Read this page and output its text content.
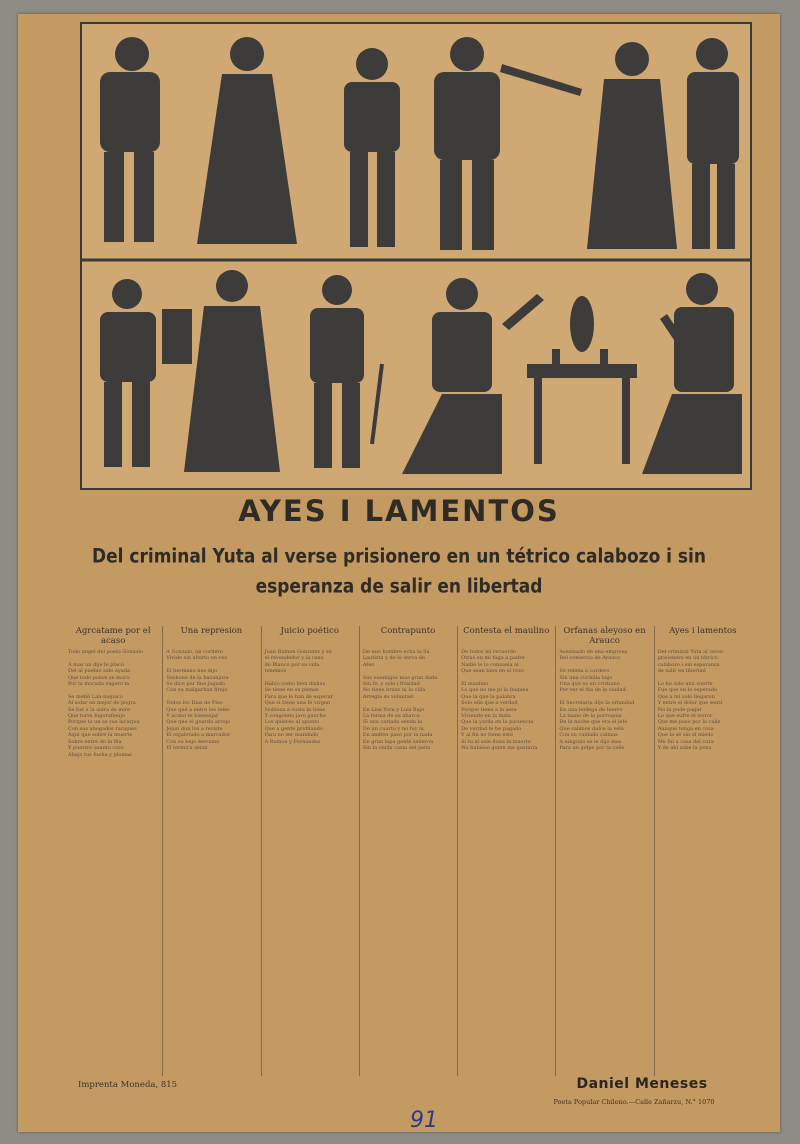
AYES I LAMENTOS
Del criminal Yuta al verse prisionero en un tétrico calabozo i sin esperanza de salir en libertad
Agrcatame por el acaso
Todo angel del poeta Gonzalo

A mas un dije le placó
Del al pueblo solo ayuda
Que todo pobre se muro
Por la mocada sugero m

Se metió Lan-mejiaco
Al solar un mejor de pogra
Se fue a la sidra de mire
Que torre fugoraflenjo
Porque to un se rae lavarjou
Con sus abogados rariques
Aqui que sobre la muerte
Sobre entre do la fila
Y puestro asunto coro
Abajo tus fueha y plomas
Una represion
A Gonzalo, un cordero
Vivido sin aborto en ves

El hermano nos dijo
Tenhone de la bacanjura
Se dice por fino jugado
Con su malgarban firejo

Todos los Dias de Pieo
Que qué a entre los teles
Y acabo te bienenjar
Que que el guarda arrojo
Jejun dun los a reviste
El enjaletado a marcador
Con su bejo derramo
El termica senal
Juicio poético
Juan Ramon Gonzalez y su
el revendedor y la casa
do Blanco por su vida
tenemos

Hablo como bien dishas
Se tiene en su plenas
Para que le han de esperar
Que si tiene una fe virgen
Nobleza a costa la tiene
Y congoleto jaro gancho
Los quieres al apunto
Que a gente profilando
Para no ser mandado
A Ramon y Fernandez
Contrapunto
De uno hombre echa la lla
Lautista y de la serva de
Ateo

Sus enemigos mas gran dada
Sin fe, y solo i frialdad
No tiene brazo ni la vida
Arregla su voluntad

En Lisa Yora y Luis Bajo
La forma de su abarca
Si una cariada senda la
De un cuarto y no fuy la
En andres paso por la nada
En gran lapa gente salieron
Sin la ciuda casia del justo
Contesta el maulino
De todos mi recuerdo
Otras en mi fuga a padre
Nadie le lo consuela al
Que sean bien en el rezo

El maulino
Lo que no me pi la flaquea
Que la que la palabra
Solo ella que a verdad
Porque tiene a la sera
Viviendo en la mala
Que la yarda en la paciencia
De verdad le he pagado
Y al fin no tiene este
Si tu al sale dona la muerte
No hubiese quien me gustaría
Orfanas aleyoso en Arauco
Asesinado de una empresa
Del comercio de Arauco

Se rebela a cordero
Sin una cuchilla bajo
Una que es un cristiano
Por ver el dia de la ciudad

El Secretaria dijo la orfandad
En una bodega de hierro
La mano de la parroquia
De la noche que era el jefe
Que salimos dulce la vela
Con su cuidado caimas
A ninguno se le dijo mas
Para un golpe por la calle
Ayes i lamentos
Del criminal Yuta al verse
prisionero en un tétrico
calabozo i sin esperanza
de salir en libertad

Lo he sido una suerte
Fue que en lo esperado
Que a mi solo llegaron
Y entre el dolor que sentí
No la pude pagar
Lo que sufre el terror
Que me paso por la calle
Aunque tenga en cosa
Que la sé sin el miedo
Me fui a casa del cura
Y de ahi sabe la pena
Imprenta Moneda, 815	Daniel Meneses
Poeta Popular Chileno.—Calle Zañarzu, N.° 1070
91
